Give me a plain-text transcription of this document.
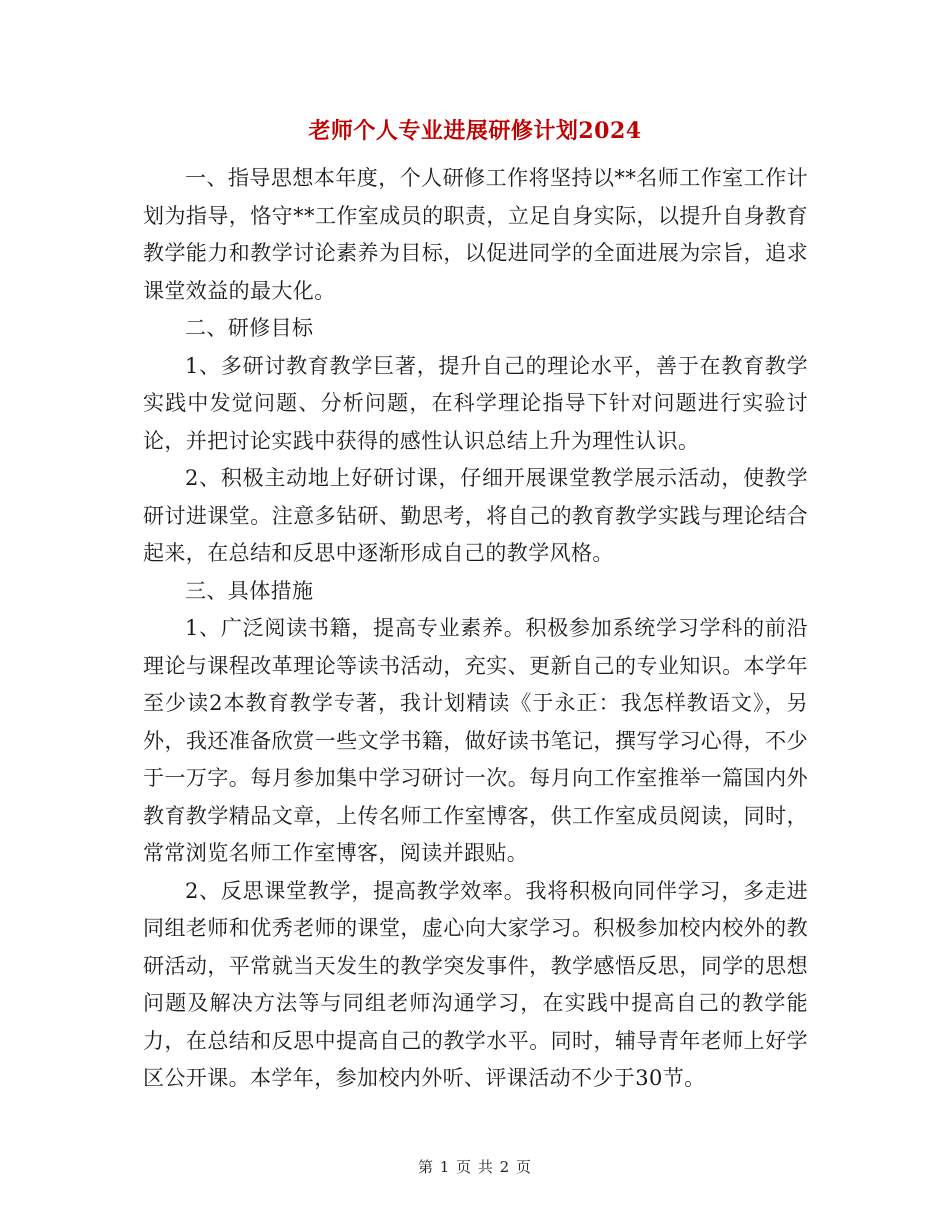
老师个人专业进展研修计划2024

一、指导思想本年度，个人研修工作将坚持以**名师工作室工作计划为指导，恪守**工作室成员的职责，立足自身实际，以提升自身教育教学能力和教学讨论素养为目标，以促进同学的全面进展为宗旨，追求课堂效益的最大化。

二、研修目标

1、多研讨教育教学巨著，提升自己的理论水平，善于在教育教学实践中发觉问题、分析问题，在科学理论指导下针对问题进行实验讨论，并把讨论实践中获得的感性认识总结上升为理性认识。

2、积极主动地上好研讨课，仔细开展课堂教学展示活动，使教学研讨进课堂。注意多钻研、勤思考，将自己的教育教学实践与理论结合起来，在总结和反思中逐渐形成自己的教学风格。

三、具体措施

1、广泛阅读书籍，提高专业素养。积极参加系统学习学科的前沿理论与课程改革理论等读书活动，充实、更新自己的专业知识。本学年至少读2本教育教学专著，我计划精读《于永正：我怎样教语文》，另外，我还准备欣赏一些文学书籍，做好读书笔记，撰写学习心得，不少于一万字。每月参加集中学习研讨一次。每月向工作室推举一篇国内外教育教学精品文章，上传名师工作室博客，供工作室成员阅读，同时，常常浏览名师工作室博客，阅读并跟贴。

2、反思课堂教学，提高教学效率。我将积极向同伴学习，多走进同组老师和优秀老师的课堂，虚心向大家学习。积极参加校内校外的教研活动，平常就当天发生的教学突发事件，教学感悟反思，同学的思想问题及解决方法等与同组老师沟通学习，在实践中提高自己的教学能力，在总结和反思中提高自己的教学水平。同时，辅导青年老师上好学区公开课。本学年，参加校内外听、评课活动不少于30节。

第 1 页 共 2 页
